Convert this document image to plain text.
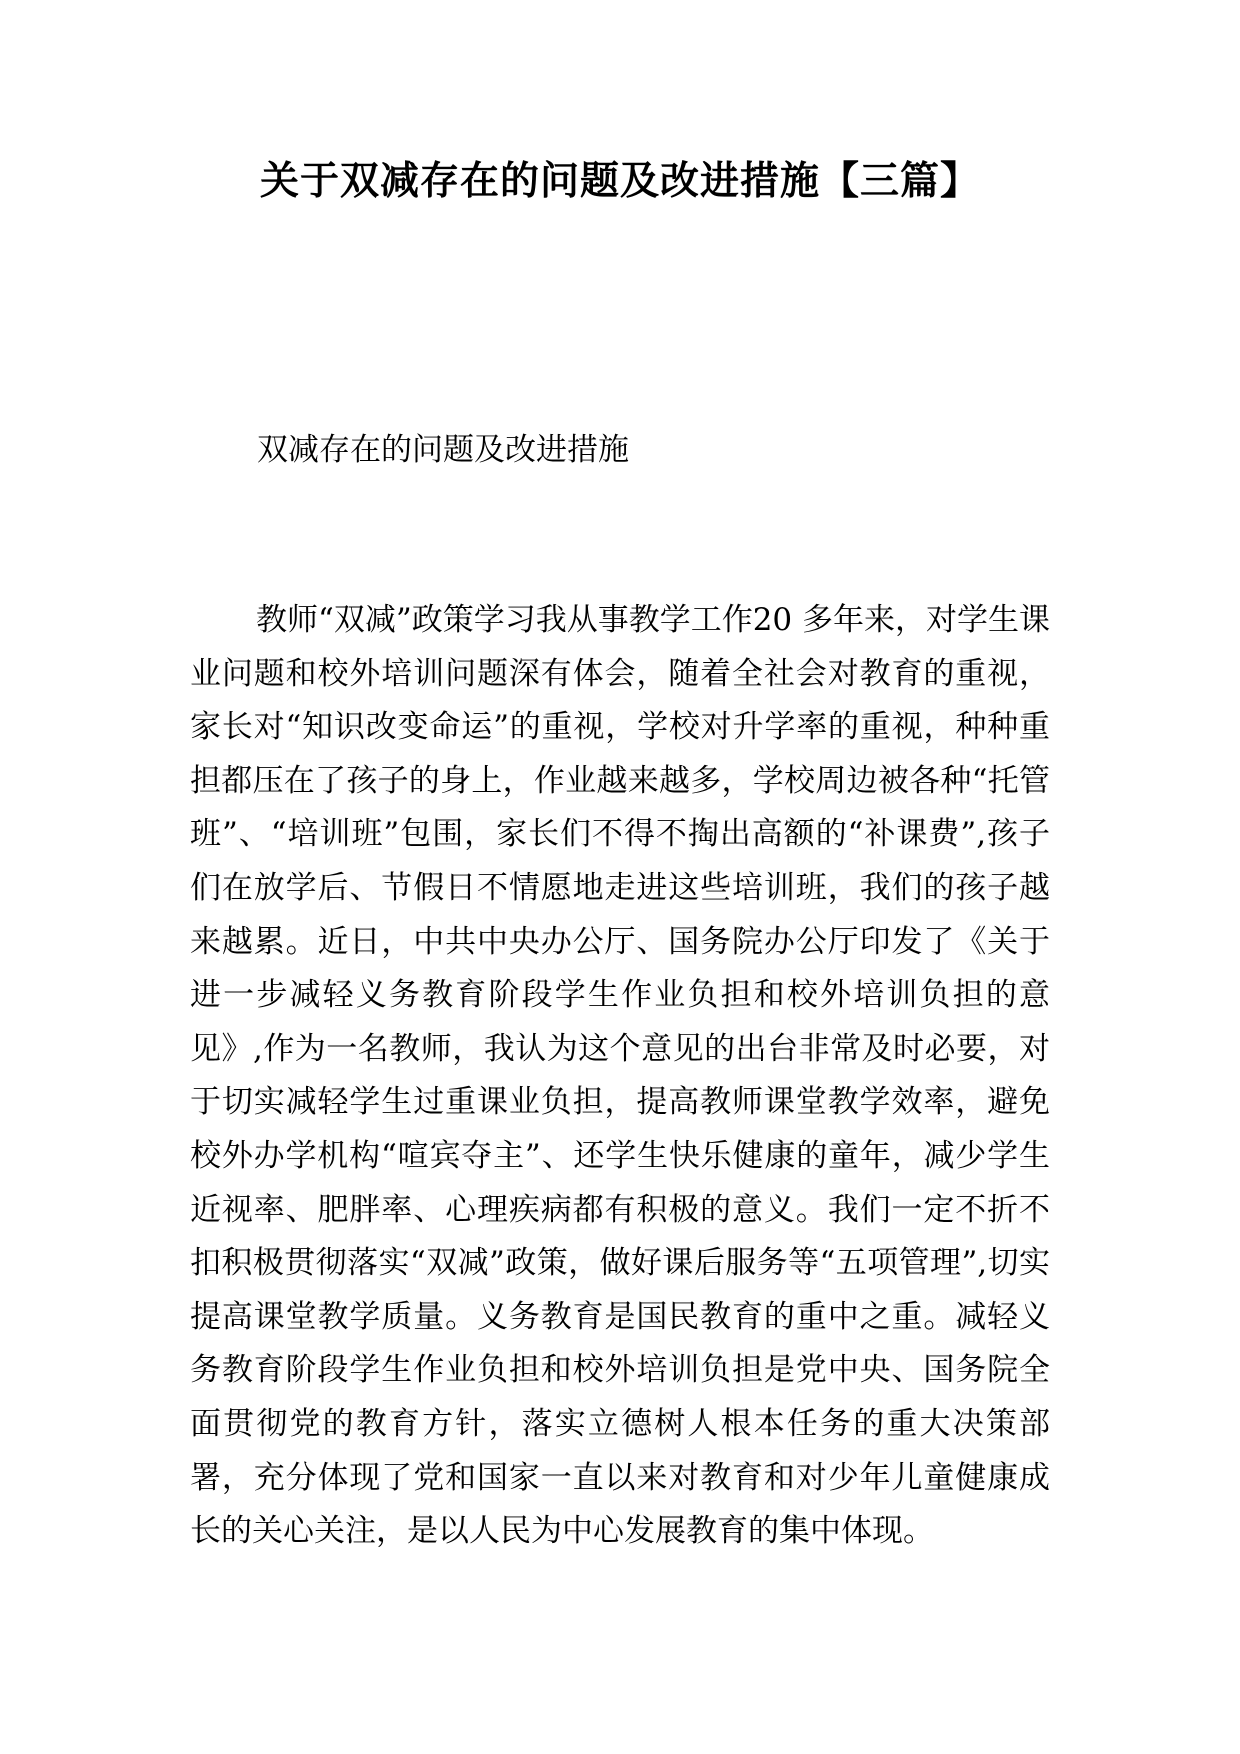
关于双减存在的问题及改进措施【三篇】

双减存在的问题及改进措施

教师“双减”政策学习我从事教学工作20 多年来，对学生课业问题和校外培训问题深有体会，随着全社会对教育的重视，家长对“知识改变命运”的重视，学校对升学率的重视，种种重担都压在了孩子的身上，作业越来越多，学校周边被各种“托管班”、“培训班”包围，家长们不得不掏出高额的“补课费”,孩子们在放学后、节假日不情愿地走进这些培训班，我们的孩子越来越累。近日，中共中央办公厅、国务院办公厅印发了《关于进一步减轻义务教育阶段学生作业负担和校外培训负担的意见》,作为一名教师，我认为这个意见的出台非常及时必要，对于切实减轻学生过重课业负担，提高教师课堂教学效率，避免校外办学机构“喧宾夺主”、还学生快乐健康的童年，减少学生近视率、肥胖率、心理疾病都有积极的意义。我们一定不折不扣积极贯彻落实“双减”政策，做好课后服务等“五项管理”,切实提高课堂教学质量。义务教育是国民教育的重中之重。减轻义务教育阶段学生作业负担和校外培训负担是党中央、国务院全面贯彻党的教育方针，落实立德树人根本任务的重大决策部署，充分体现了党和国家一直以来对教育和对少年儿童健康成长的关心关注，是以人民为中心发展教育的集中体现。
